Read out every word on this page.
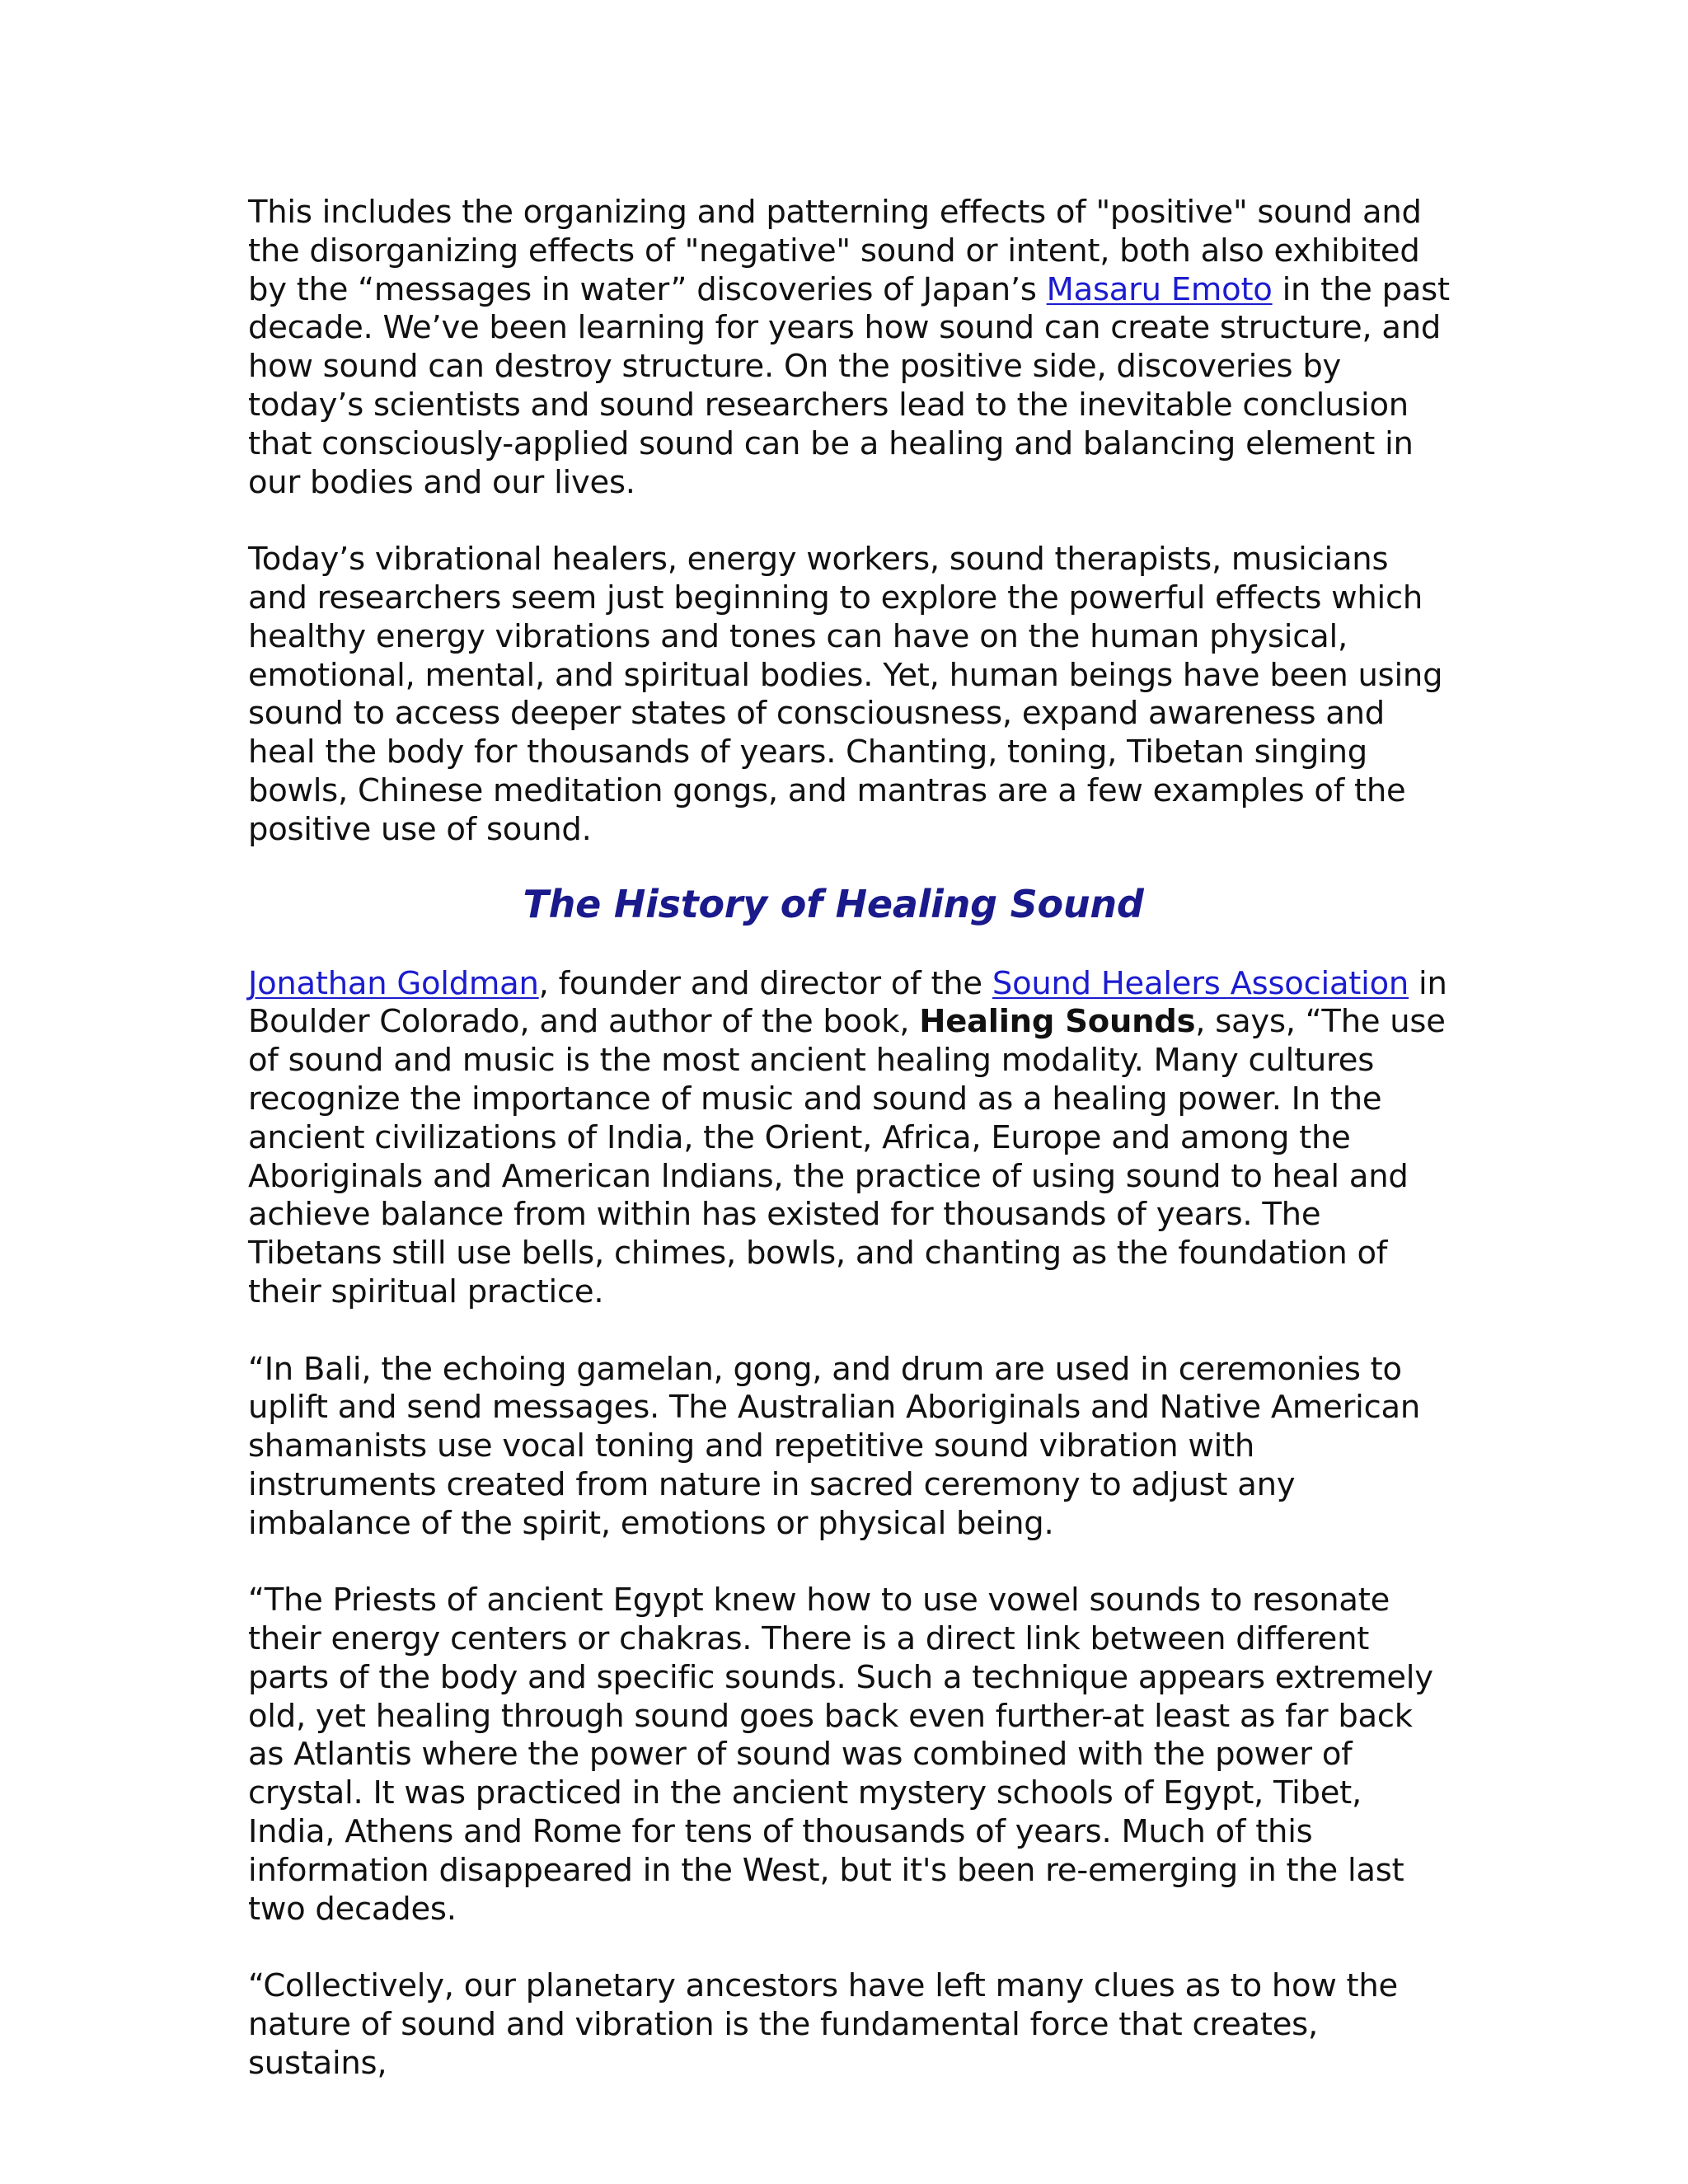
This includes the organizing and patterning effects of "positive" sound and the disorganizing effects of "negative" sound or intent, both also exhibited by the “messages in water” discoveries of Japan’s Masaru Emoto in the past decade. We’ve been learning for years how sound can create structure, and how sound can destroy structure. On the positive side, discoveries by today’s scientists and sound researchers lead to the inevitable conclusion that consciously-applied sound can be a healing and balancing element in our bodies and our lives.

Today’s vibrational healers, energy workers, sound therapists, musicians and researchers seem just beginning to explore the powerful effects which healthy energy vibrations and tones can have on the human physical, emotional, mental, and spiritual bodies. Yet, human beings have been using sound to access deeper states of consciousness, expand awareness and heal the body for thousands of years. Chanting, toning, Tibetan singing bowls, Chinese meditation gongs, and mantras are a few examples of the positive use of sound.

The History of Healing Sound

Jonathan Goldman, founder and director of the Sound Healers Association in Boulder Colorado, and author of the book, Healing Sounds, says, “The use of sound and music is the most ancient healing modality. Many cultures recognize the importance of music and sound as a healing power. In the ancient civilizations of India, the Orient, Africa, Europe and among the Aboriginals and American lndians, the practice of using sound to heal and achieve balance from within has existed for thousands of years. The Tibetans still use bells, chimes, bowls, and chanting as the foundation of their spiritual practice.

“In Bali, the echoing gamelan, gong, and drum are used in ceremonies to uplift and send messages. The Australian Aboriginals and Native American shamanists use vocal toning and repetitive sound vibration with instruments created from nature in sacred ceremony to adjust any imbalance of the spirit, emotions or physical being.

“The Priests of ancient Egypt knew how to use vowel sounds to resonate their energy centers or chakras. There is a direct link between different parts of the body and specific sounds. Such a technique appears extremely old, yet healing through sound goes back even further-at least as far back as Atlantis where the power of sound was combined with the power of crystal. It was practiced in the ancient mystery schools of Egypt, Tibet, India, Athens and Rome for tens of thousands of years. Much of this information disappeared in the West, but it's been re-emerging in the last two decades.

“Collectively, our planetary ancestors have left many clues as to how the nature of sound and vibration is the fundamental force that creates, sustains,
